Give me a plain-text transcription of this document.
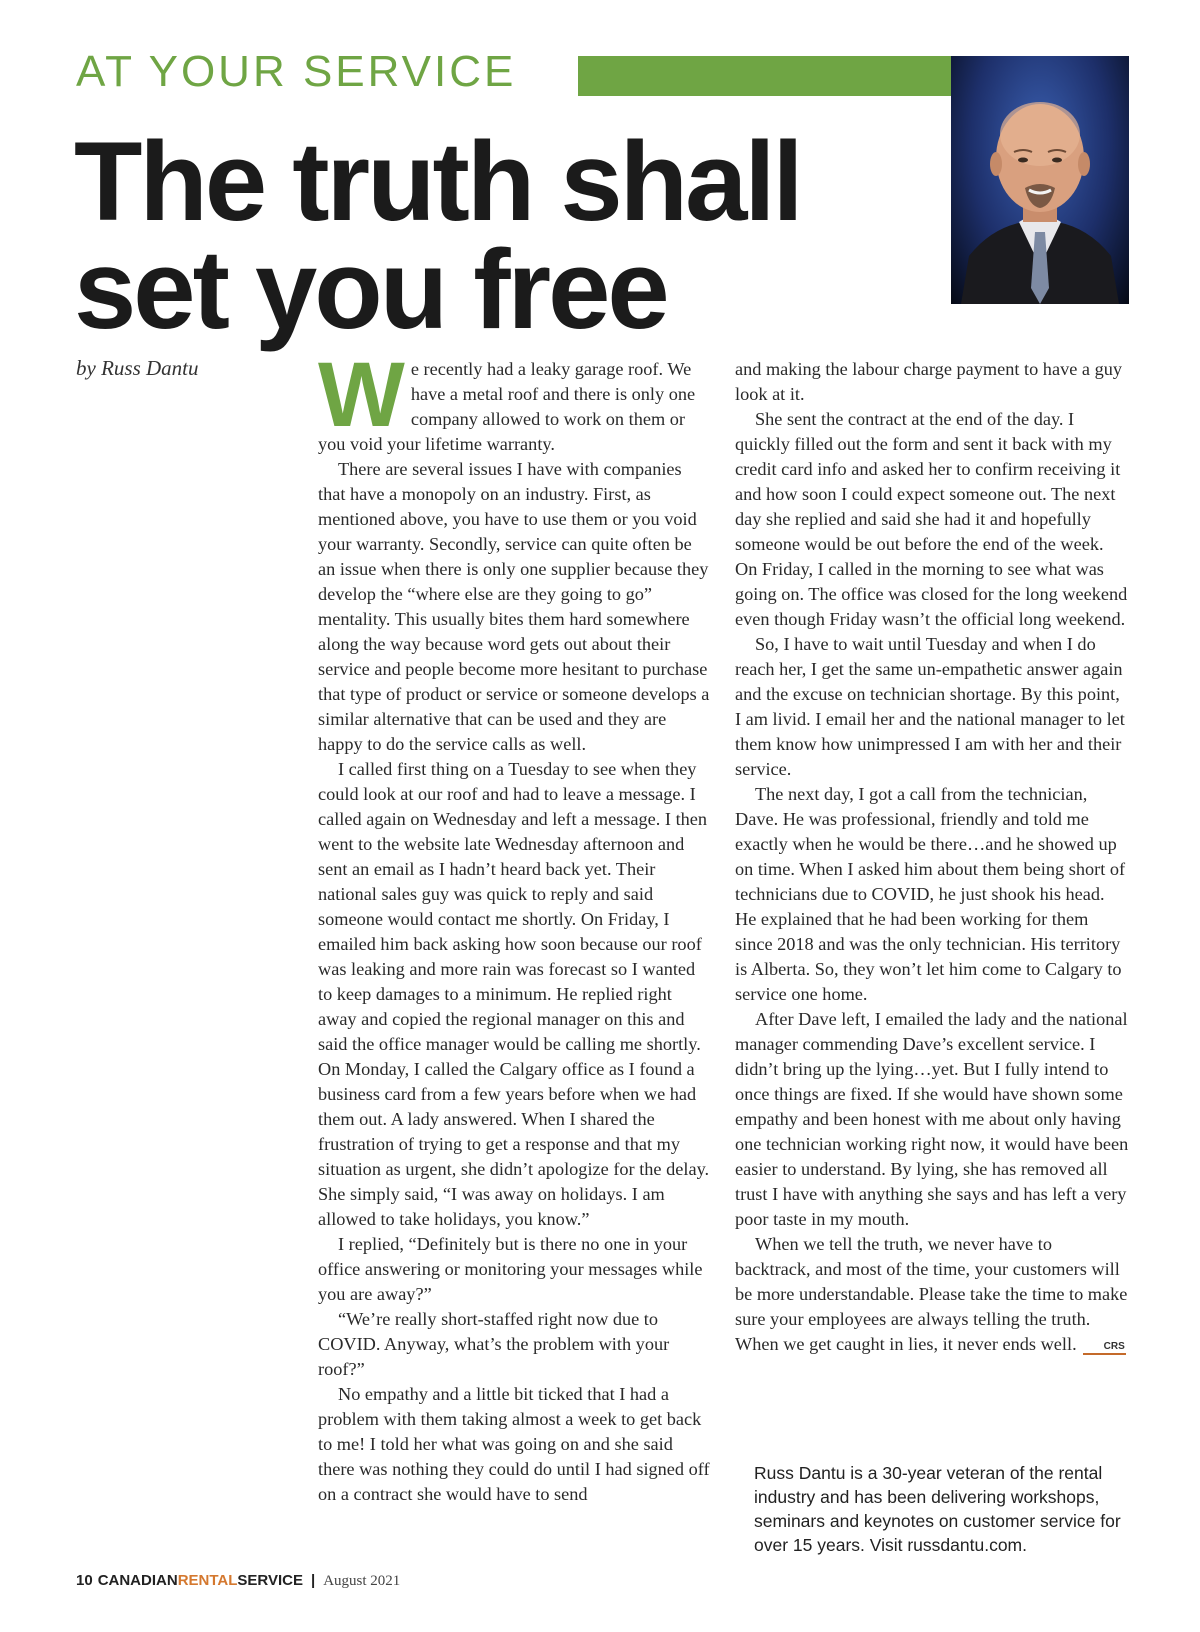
AT YOUR SERVICE
The truth shall
set you free
by Russ Dantu W e recently had a leaky garage roof. We have a metal roof and there is only one company allowed to work on them or you void your lifetime warranty.

There are several issues I have with companies that have a monopoly on an industry. First, as mentioned above, you have to use them or you void your warranty. Secondly, service can quite often be an issue when there is only one supplier because they develop the “where else are they going to go” mentality. This usually bites them hard somewhere along the way because word gets out about their service and people become more hesitant to purchase that type of product or service or someone develops a similar alternative that can be used and they are happy to do the service calls as well.

I called first thing on a Tuesday to see when they could look at our roof and had to leave a message. I called again on Wednesday and left a message. I then went to the website late Wednesday afternoon and sent an email as I hadn’t heard back yet. Their national sales guy was quick to reply and said someone would contact me shortly. On Friday, I emailed him back asking how soon because our roof was leaking and more rain was forecast so I wanted to keep damages to a minimum. He replied right away and copied the regional manager on this and said the office manager would be calling me shortly. On Monday, I called the Calgary office as I found a business card from a few years before when we had them out. A lady answered. When I shared the frustration of trying to get a response and that my situation as urgent, she didn’t apologize for the delay. She simply said, “I was away on holidays. I am allowed to take holidays, you know.”

I replied, “Definitely but is there no one in your office answering or monitoring your messages while you are away?”

“We’re really short-staffed right now due to COVID. Anyway, what’s the problem with your roof?”

No empathy and a little bit ticked that I had a problem with them taking almost a week to get back to me! I told her what was going on and she said there was nothing they could do until I had signed off on a contract she would have to send

and making the labour charge payment to have a guy look at it.

She sent the contract at the end of the day. I quickly filled out the form and sent it back with my credit card info and asked her to confirm receiving it and how soon I could expect someone out. The next day she replied and said she had it and hopefully someone would be out before the end of the week. On Friday, I called in the morning to see what was going on. The office was closed for the long weekend even though Friday wasn’t the official long weekend.

So, I have to wait until Tuesday and when I do reach her, I get the same un-empathetic answer again and the excuse on technician shortage. By this point, I am livid. I email her and the national manager to let them know how unimpressed I am with her and their service.

The next day, I got a call from the technician, Dave. He was professional, friendly and told me exactly when he would be there…and he showed up on time. When I asked him about them being short of technicians due to COVID, he just shook his head. He explained that he had been working for them since 2018 and was the only technician. His territory is Alberta. So, they won’t let him come to Calgary to service one home.

After Dave left, I emailed the lady and the national manager commending Dave’s excellent service. I didn’t bring up the lying…yet. But I fully intend to once things are fixed. If she would have shown some empathy and been honest with me about only having one technician working right now, it would have been easier to understand. By lying, she has removed all trust I have with anything she says and has left a very poor taste in my mouth.

When we tell the truth, we never have to backtrack, and most of the time, your customers will be more understandable. Please take the time to make sure your employees are always telling the truth. When we get caught in lies, it never ends well.	CRS

Russ Dantu is a 30-year veteran of the rental industry and has been delivering workshops, seminars and keynotes on customer service for over 15 years. Visit russdantu.com.
10 CANADIAN RENTAL SERVICE | August 2021
